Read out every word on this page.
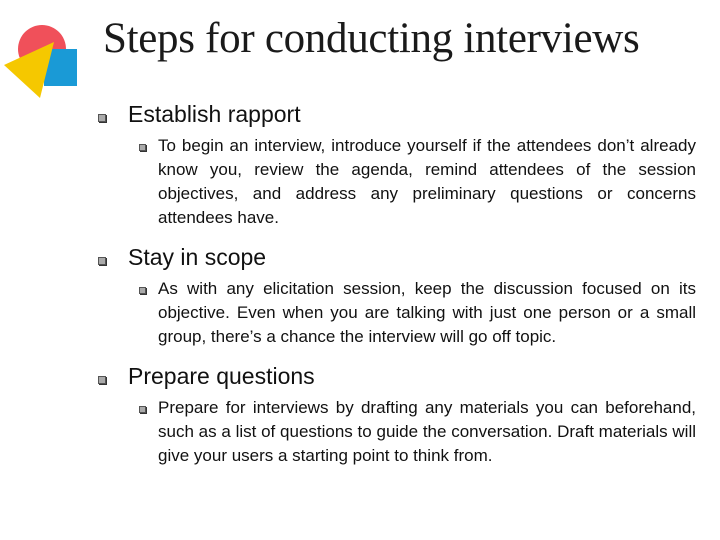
Steps for conducting interviews
Establish rapport
To begin an interview, introduce yourself if the attendees don’t already know you, review the agenda, remind attendees of the session objectives, and address any preliminary questions or concerns attendees have.
Stay in scope
As with any elicitation session, keep the discussion focused on its objective. Even when you are talking with just one person or a small group, there’s a chance the interview will go off topic.
Prepare questions
Prepare for interviews by drafting any materials you can beforehand, such as a list of questions to guide the conversation. Draft materials will give your users a starting point to think from.
